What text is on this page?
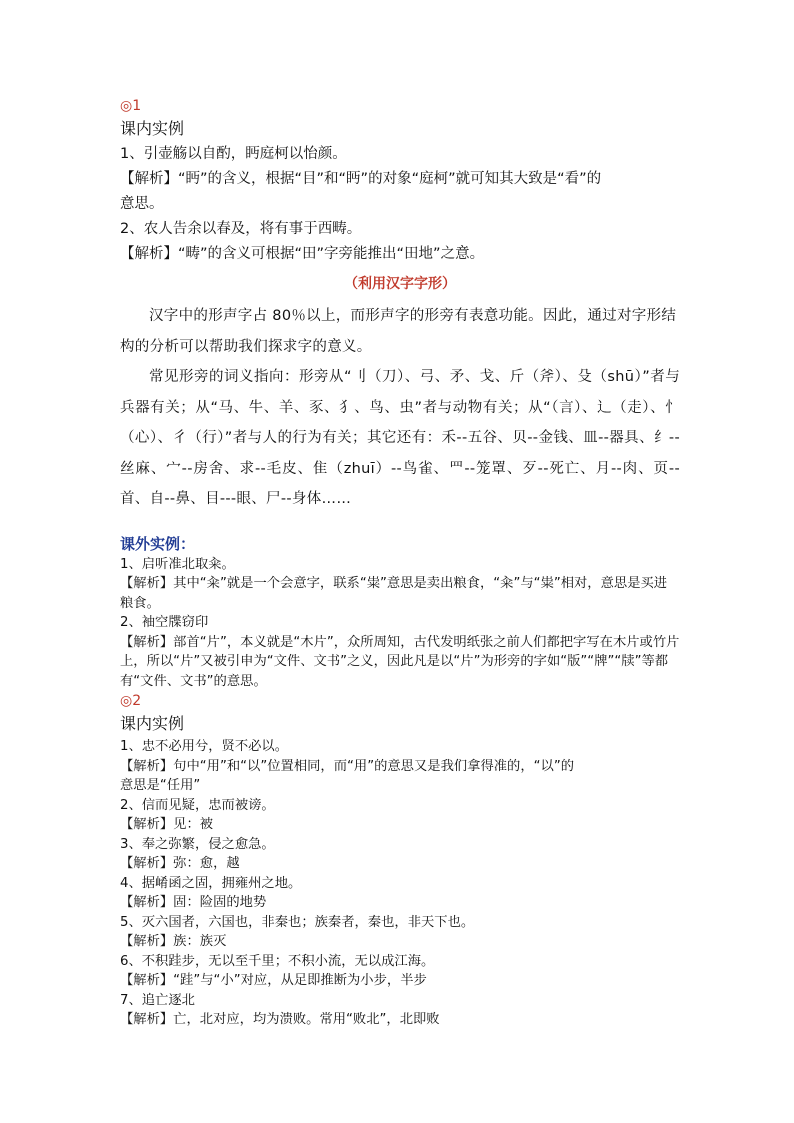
◎1
课内实例
1、引壶觞以自酌，眄庭柯以怡颜。
【解析】“眄”的含义，根据“目”和“眄”的对象“庭柯”就可知其大致是“看”的
意思。
2、农人告余以春及，将有事于西畴。
【解析】“畴”的含义可根据“田”字旁能推出“田地”之意。
（利用汉字字形）
汉字中的形声字占 80％以上，而形声字的形旁有表意功能。因此，通过对字形结构的分析可以帮助我们探求字的意义。
常见形旁的词义指向：形旁从“刂（刀）、弓、矛、戈、斤（斧）、殳（shū）”者与兵器有关；从“马、牛、羊、豕、犭、鸟、虫”者与动物有关；从“（言）、辶（走）、忄（心）、彳（行）”者与人的行为有关；其它还有：禾--五谷、贝--金钱、皿--器具、纟--丝麻、宀--房舍、求--毛皮、隹（zhuī）--鸟雀、罒--笼罩、歹--死亡、月--肉、页--首、自--鼻、目---眼、尸--身体……
课外实例：
1、启听准北取籴。
【解析】其中“籴”就是一个会意字，联系“粜”意思是卖出粮食，“籴”与“粜”相对，意思是买进粮食。
2、袖空牒窃印
【解析】部首“片”，本义就是“木片”，众所周知，古代发明纸张之前人们都把字写在木片或竹片上，所以“片”又被引申为“文件、文书”之义，因此凡是以“片”为形旁的字如“版”“牌”“牍”等都有“文件、文书”的意思。
◎2
课内实例
1、忠不必用兮，贤不必以。
【解析】句中“用”和“以”位置相同，而“用”的意思又是我们拿得准的，“以”的
意思是“任用”
2、信而见疑，忠而被谤。
【解析】见：被
3、奉之弥繁，侵之愈急。
【解析】弥：愈，越
4、据崤函之固，拥雍州之地。
【解析】固：险固的地势
5、灭六国者，六国也，非秦也；族秦者，秦也，非天下也。
【解析】族：族灭
6、不积跬步，无以至千里；不积小流，无以成江海。
【解析】“跬”与“小”对应，从足即推断为小步，半步
7、追亡逐北
【解析】亡，北对应，均为溃败。常用“败北”，北即败
